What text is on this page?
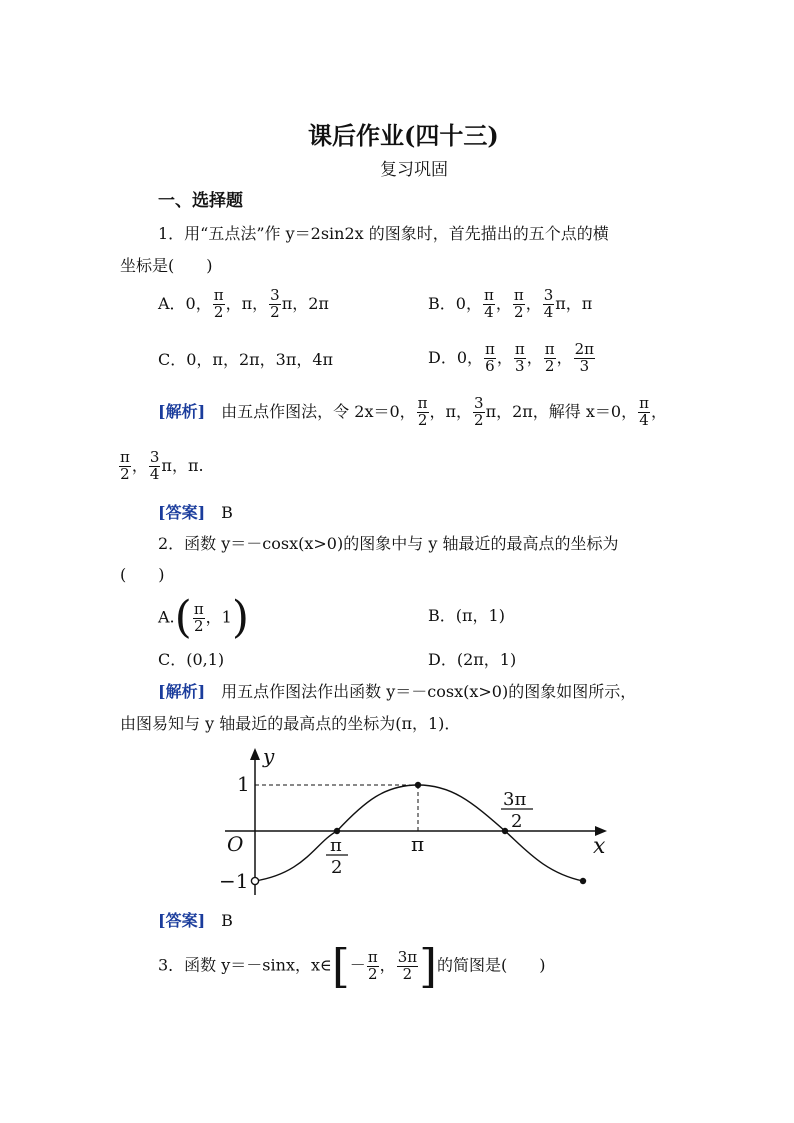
课后作业(四十三)
复习巩固
一、选择题
1．用“五点法”作 y＝2sin2x 的图象时，首先描出的五个点的横
坐标是(　　)
A．0， $\frac{\pi}{2}$ ，π， $\frac{3}{2}$ π，2π	B．0， $\frac{\pi}{4}$ ， $\frac{\pi}{2}$ ， $\frac{3}{4}$ π，π
C．0，π，2π，3π，4π	D．0， $\frac{\pi}{6}$ ， $\frac{\pi}{3}$ ， $\frac{\pi}{2}$ ， $\frac{2\pi}{3}$
[解析]　 由五点作图法，令 2x＝0， $\frac{\pi}{2}$ ，π， $\frac{3}{2}$ π，2π，解得 x＝0， $\frac{\pi}{4}$ ，
$\frac{\pi}{2}$ ， $\frac{3}{4}$ π，π.
[答案]　 B
2．函数 y＝－cosx(x>0)的图象中与 y 轴最近的最高点的坐标为
(　　)
$A.( \frac{\pi}{2}$ ，1)	B．(π，1)
C．(0,1)	D．(2π，1)
[解析]　 用五点作图法作出函数 y＝－cosx(x>0)的图象如图所示，
由图易知与 y 轴最近的最高点的坐标为(π，1)．
y
x
O
1
−1
π
2
π
3π
2
[答案]　 B
3．函数 y＝－sinx，x∈[－ $\frac{\pi}{2}$ ， $\frac{3\pi}{2}$ ]的简图是(　　)
